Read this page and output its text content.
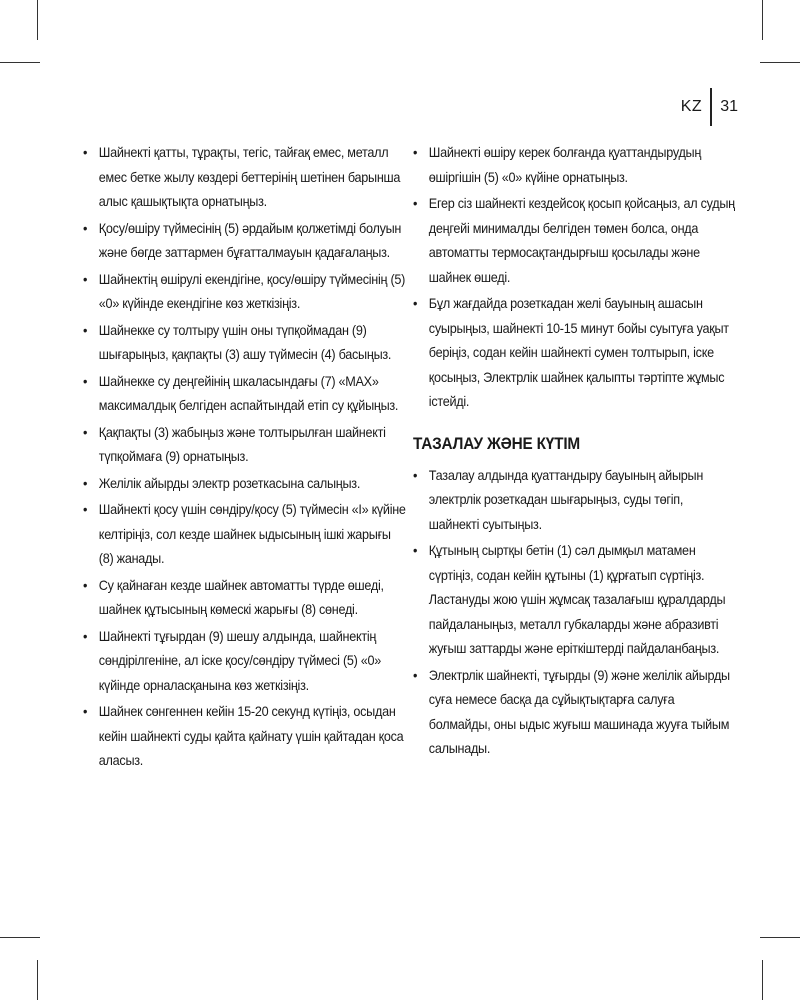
KZ 31
• Шайнекті қатты, тұрақты, тегіс, тайғақ емес, металл емес бетке жылу көздері беттерінің шетінен барынша алыс қашықтықта орнатыңыз.
• Қосу/өшіру түймесінің (5) әрдайым қолжетімді болуын және бөгде заттармен бұғатталмауын қадағалаңыз.
• Шайнектің өшірулі екендігіне, қосу/өшіру түймесінің (5) «0» күйінде екендігіне көз жеткізіңіз.
• Шайнекке су толтыру үшін оны түпқоймадан (9) шығарыңыз, қақпақты (3) ашу түймесін (4) басыңыз.
• Шайнекке су деңгейінің шкаласындағы (7) «MAX» максималдық белгіден аспайтындай етіп су құйыңыз.
• Қақпақты (3) жабыңыз және толтырылған шайнекті түпқоймаға (9) орнатыңыз.
• Желілік айырды электр розеткасына салыңыз.
• Шайнекті қосу үшін сөндіру/қосу (5) түймесін «I» күйіне келтіріңіз, сол кезде шайнек ыдысының ішкі жарығы (8) жанады.
• Су қайнаған кезде шайнек автоматты түрде өшеді, шайнек құтысының көмескі жарығы (8) сөнеді.
• Шайнекті тұғырдан (9) шешу алдында, шайнектің сөндірілгеніне, ал іске қосу/сөндіру түймесі (5) «0» күйінде орналасқанына көз жеткізіңіз.
• Шайнек сөнгеннен кейін 15-20 секунд күтіңіз, осыдан кейін шайнекті суды қайта қайнату үшін қайтадан қоса аласыз.
• Шайнекті өшіру керек болғанда қуаттандырудың өшіргішін (5) «0» күйіне орнатыңыз.
• Егер сіз шайнекті кездейсоқ қосып қойсаңыз, ал судың деңгейі минималды белгіден төмен болса, онда автоматты термосақтандырғыш қосылады және шайнек өшеді.
• Бұл жағдайда розеткадан желі бауының ашасын суырыңыз, шайнекті 10-15 минут бойы суытуға уақыт беріңіз, содан кейін шайнекті сумен толтырып, іске қосыңыз, Электрлік шайнек қалыпты тәртіпте жұмыс істейді.
ТАЗАЛАУ ЖӘНЕ КҮТІМ
• Тазалау алдында қуаттандыру бауының айырын электрлік розеткадан шығарыңыз, суды төгіп, шайнекті суытыңыз.
• Құтының сыртқы бетін (1) сәл дымқыл матамен сүртіңіз, содан кейін құтыны (1) құрғатып сүртіңіз. Ластануды жою үшін жұмсақ тазалағыш құралдарды пайдаланыңыз, металл губкаларды және абразивті жуғыш заттарды және еріткіштерді пайдаланбаңыз.
• Электрлік шайнекті, тұғырды (9) және желілік айырды суға немесе басқа да сұйықтықтарға салуға болмайды, оны ыдыс жуғыш машинада жууға тыйым салынады.
